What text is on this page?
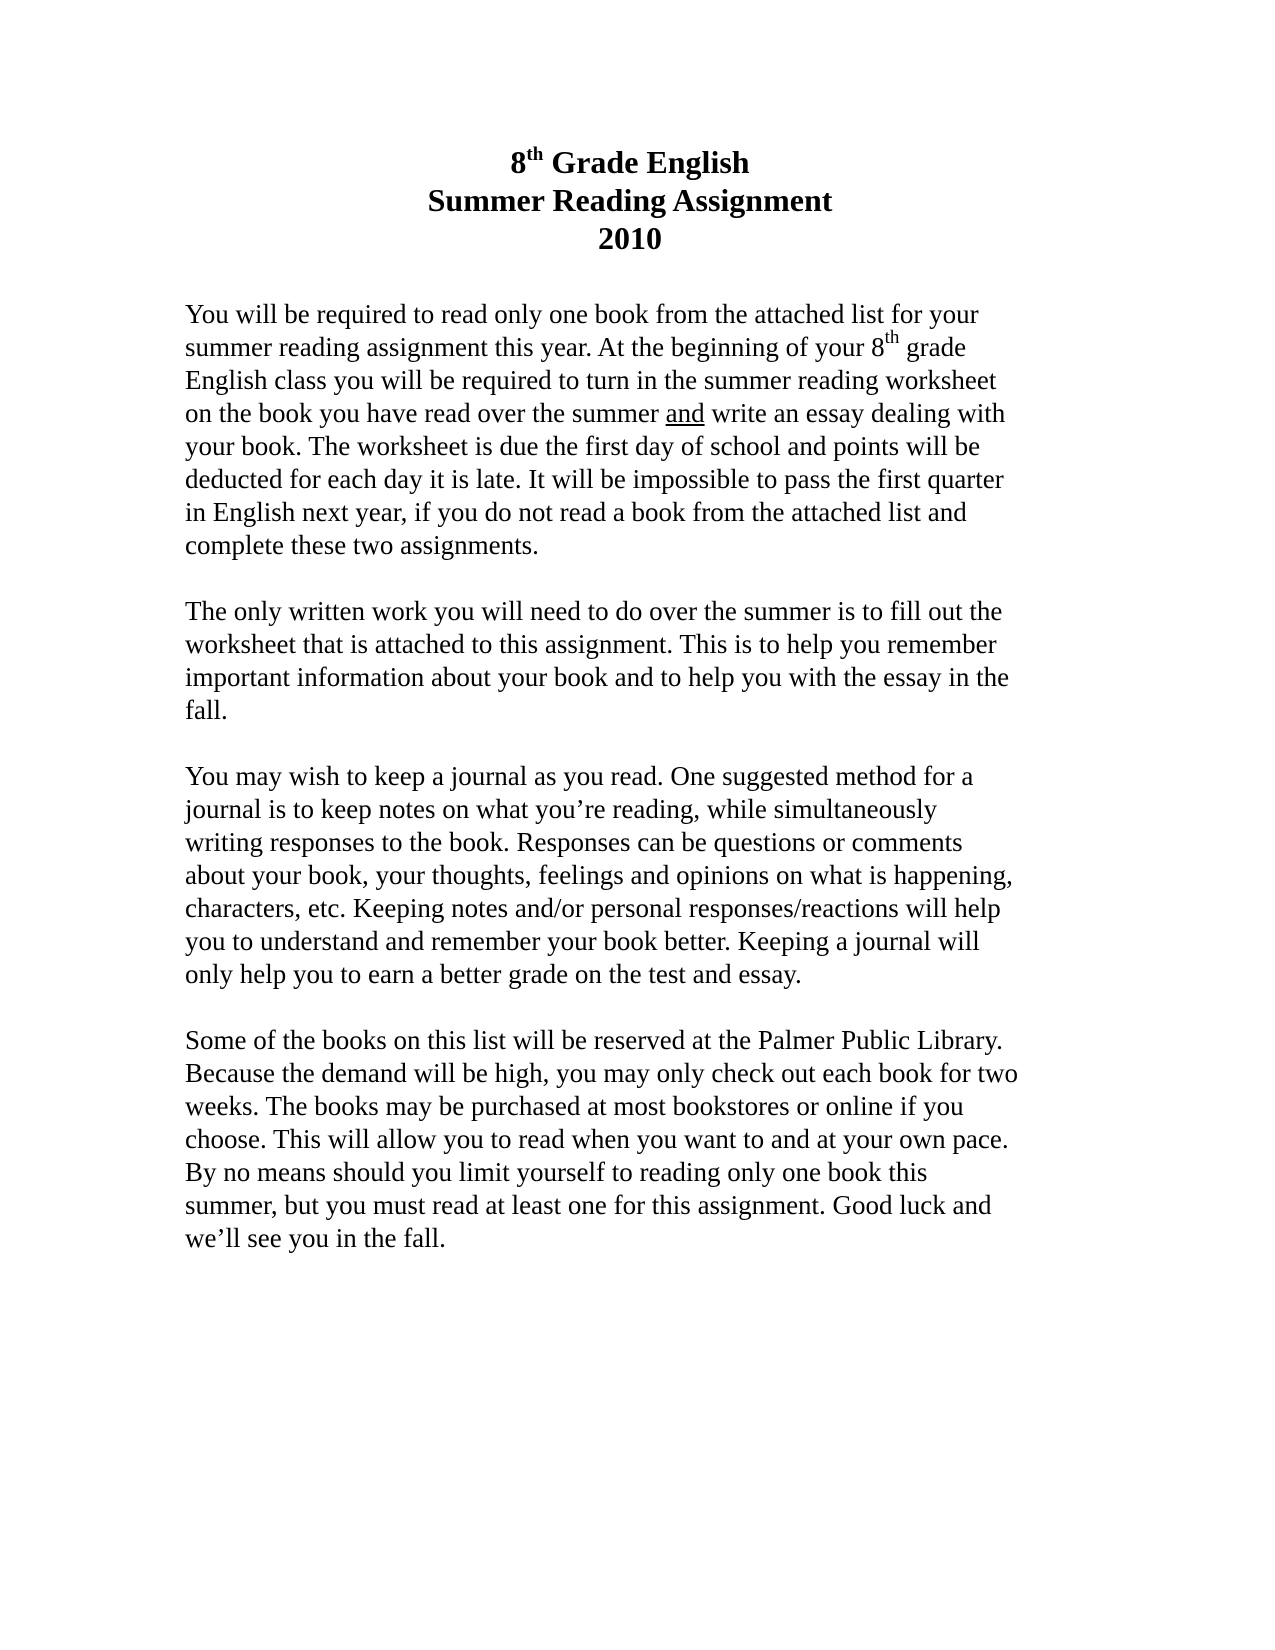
8th Grade English
Summer Reading Assignment
2010

You will be required to read only one book from the attached list for your
summer reading assignment this year. At the beginning of your 8th grade
English class you will be required to turn in the summer reading worksheet
on the book you have read over the summer and write an essay dealing with
your book. The worksheet is due the first day of school and points will be
deducted for each day it is late. It will be impossible to pass the first quarter
in English next year, if you do not read a book from the attached list and
complete these two assignments.

The only written work you will need to do over the summer is to fill out the
worksheet that is attached to this assignment. This is to help you remember
important information about your book and to help you with the essay in the
fall.

You may wish to keep a journal as you read. One suggested method for a
journal is to keep notes on what you’re reading, while simultaneously
writing responses to the book. Responses can be questions or comments
about your book, your thoughts, feelings and opinions on what is happening,
characters, etc. Keeping notes and/or personal responses/reactions will help
you to understand and remember your book better. Keeping a journal will
only help you to earn a better grade on the test and essay.

Some of the books on this list will be reserved at the Palmer Public Library.
Because the demand will be high, you may only check out each book for two
weeks. The books may be purchased at most bookstores or online if you
choose. This will allow you to read when you want to and at your own pace.
By no means should you limit yourself to reading only one book this
summer, but you must read at least one for this assignment. Good luck and
we’ll see you in the fall.
